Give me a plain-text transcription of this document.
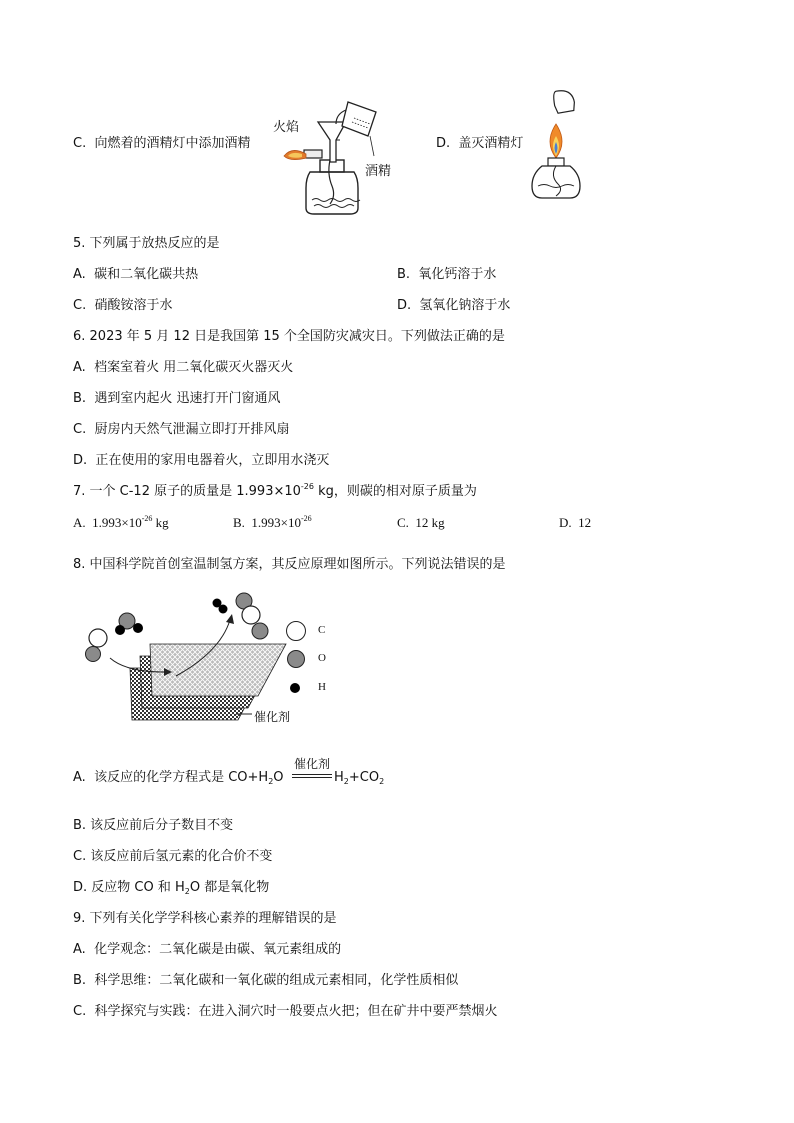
C. 向燃着的酒精灯中添加酒精
火焰
酒精
D. 盖灭酒精灯
5. 下列属于放热反应的是
A. 碳和二氧化碳共热	B. 氧化钙溶于水
C. 硝酸铵溶于水	D. 氢氧化钠溶于水
6. 2023 年 5 月 12 日是我国第 15 个全国防灾减灾日。下列做法正确的是
A. 档案室着火 用二氧化碳灭火器灭火
B. 遇到室内起火 迅速打开门窗通风
C. 厨房内天然气泄漏立即打开排风扇
D. 正在使用的家用电器着火，立即用水浇灭
7. 一个 C-12 原子的质量是 $1.993\times 10^{-26}$ kg，则碳的相对原子质量为
A. $1.993\times 10^{-26}$ kg	B. $1.993\times 10^{-26}$	C. 12 kg	D. 12
8. 中国科学院首创室温制氢方案，其反应原理如图所示。下列说法错误的是
催化剂
C
O
H
A. 该反应的化学方程式是 $CO+H_2O$
催化剂
$H_2+CO_2$
B. 该反应前后分子数目不变
C. 该反应前后氢元素的化合价不变
D. 反应物 CO 和 $H_2O$ 都是氧化物
9. 下列有关化学学科核心素养的理解错误的是
A. 化学观念：二氧化碳是由碳、氧元素组成的
B. 科学思维：二氧化碳和一氧化碳的组成元素相同，化学性质相似
C. 科学探究与实践：在进入洞穴时一般要点火把；但在矿井中要严禁烟火
